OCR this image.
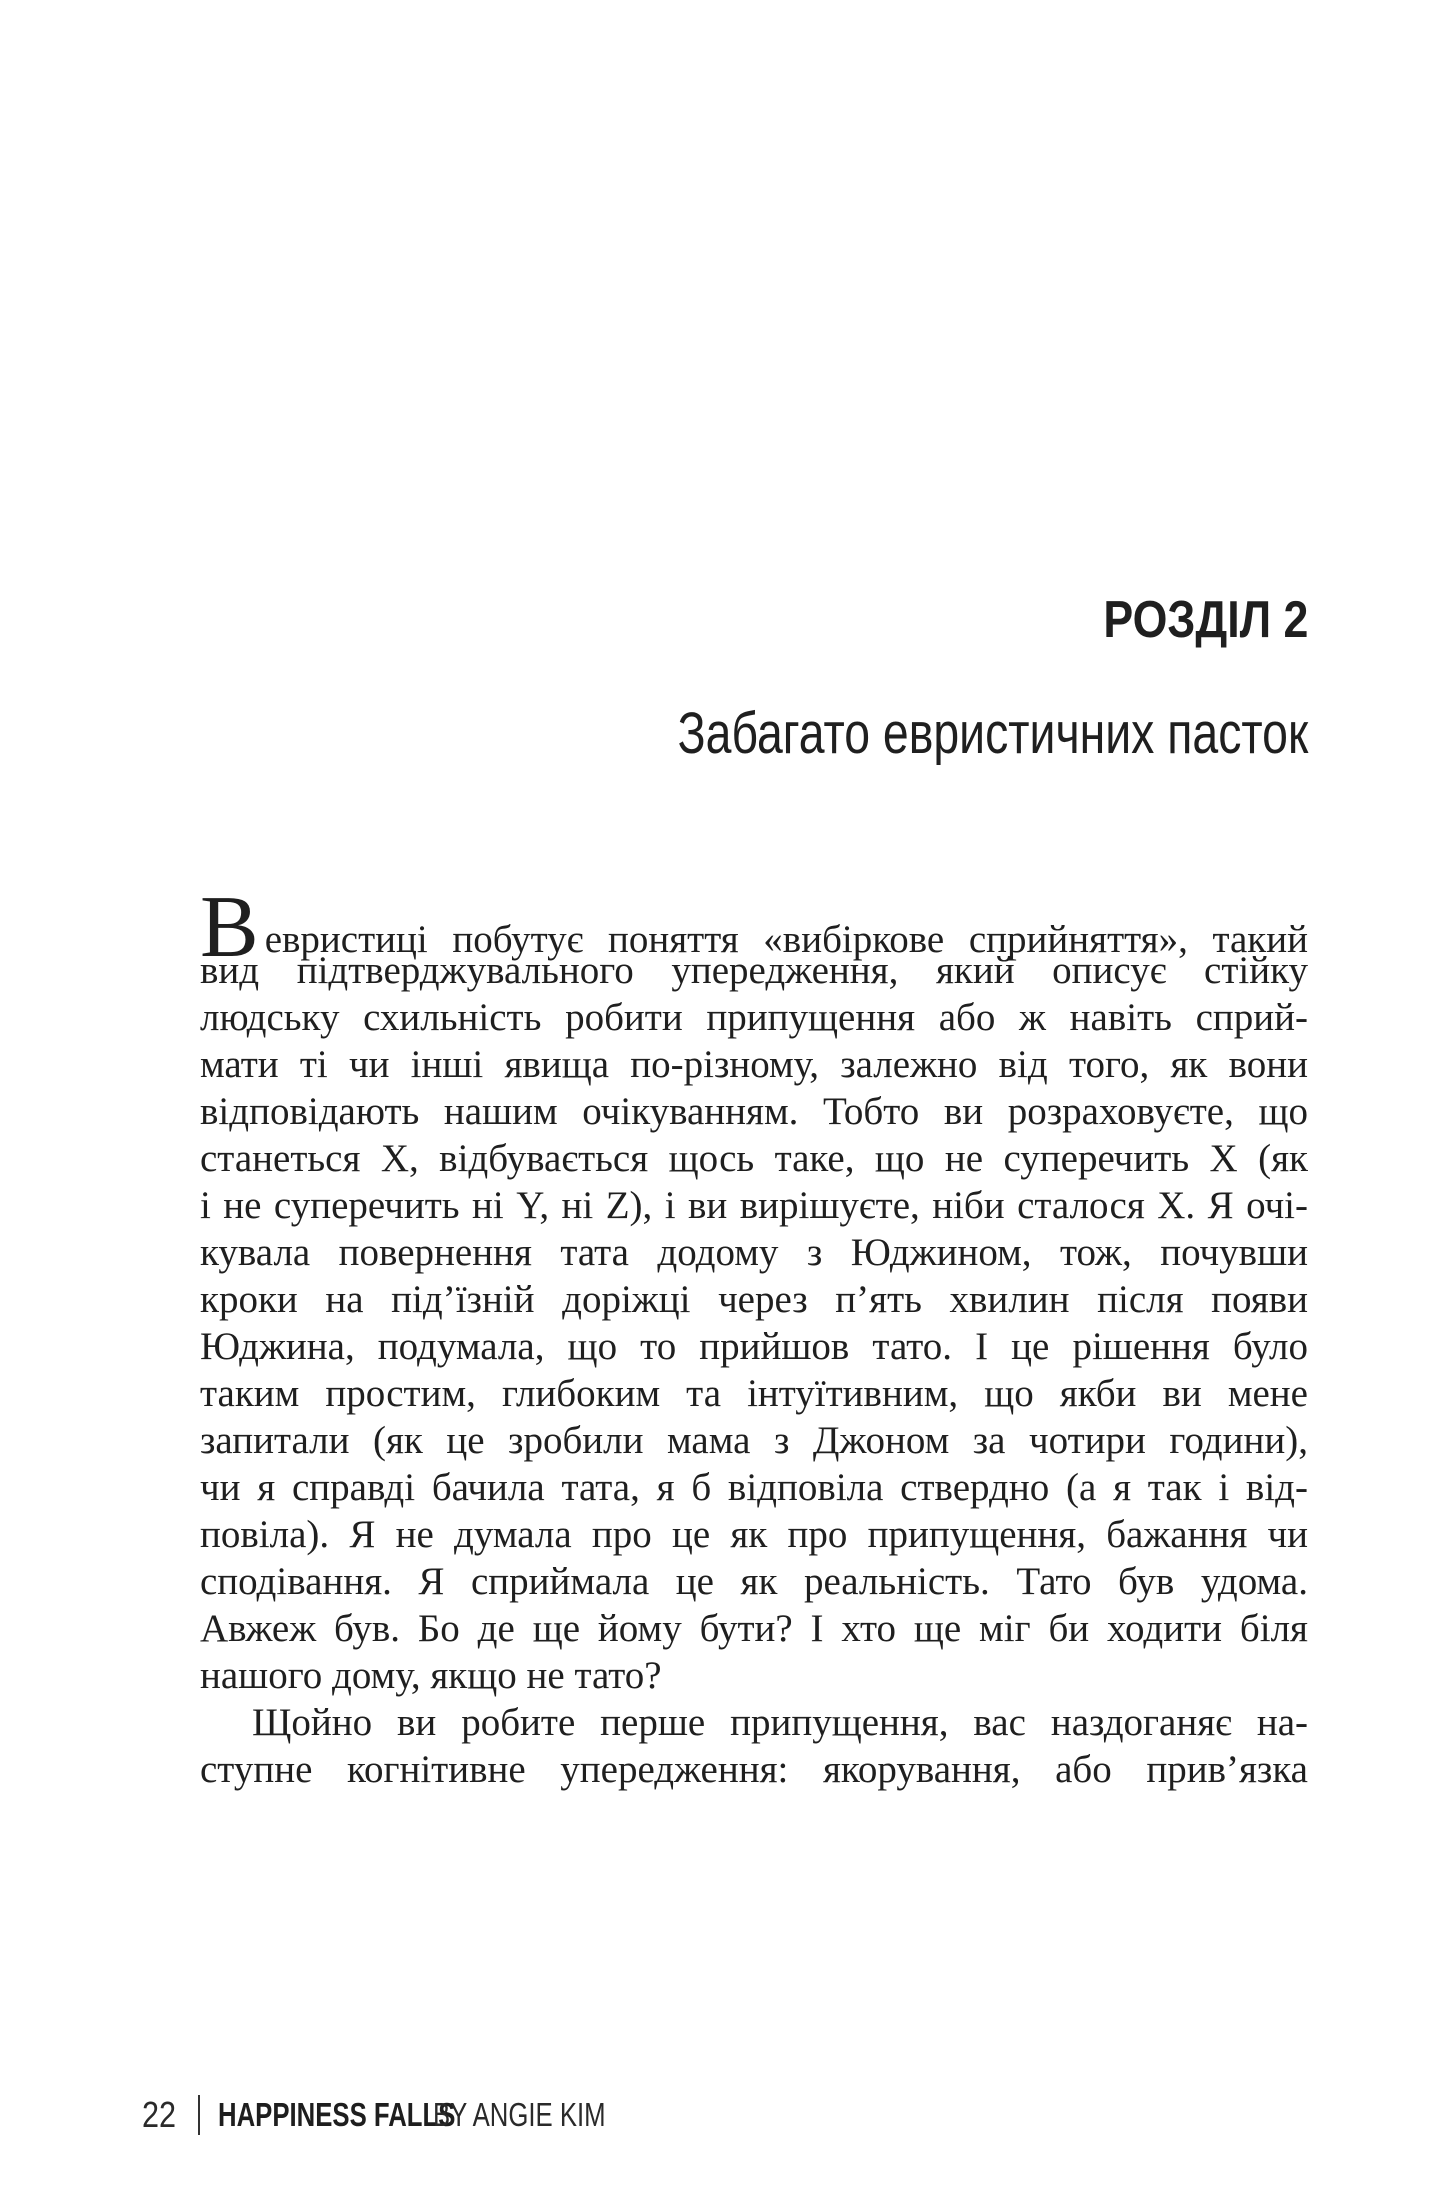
РОЗДІЛ 2
Забагато евристичних пасток
Вевристиці побутує поняття «вибіркове сприйняття», такий
вид підтверджувального упередження, який описує стійку
людську схильність робити припущення або ж навіть сприй-
мати ті чи інші явища по-різному, залежно від того, як вони
відповідають нашим очікуванням. Тобто ви розраховуєте, що
станеться X, відбувається щось таке, що не суперечить X (як
і не суперечить ні Y, ні Z), і ви вирішуєте, ніби сталося X. Я очі-
кувала повернення тата додому з Юджином, тож, почувши
кроки на під’їзній доріжці через п’ять хвилин після появи
Юджина, подумала, що то прийшов тато. І це рішення було
таким простим, глибоким та інтуїтивним, що якби ви мене
запитали (як це зробили мама з Джоном за чотири години),
чи я справді бачила тата, я б відповіла ствердно (а я так і від-
повіла). Я не думала про це як про припущення, бажання чи
сподівання. Я сприймала це як реальність. Тато був удома.
Авжеж був. Бо де ще йому бути? І хто ще міг би ходити біля
нашого дому, якщо не тато?
Щойно ви робите перше припущення, вас наздоганяє на-
ступне когнітивне упередження: якорування, або прив’язка
22 HAPPINESS FALLS
BY ANGIE KIM
